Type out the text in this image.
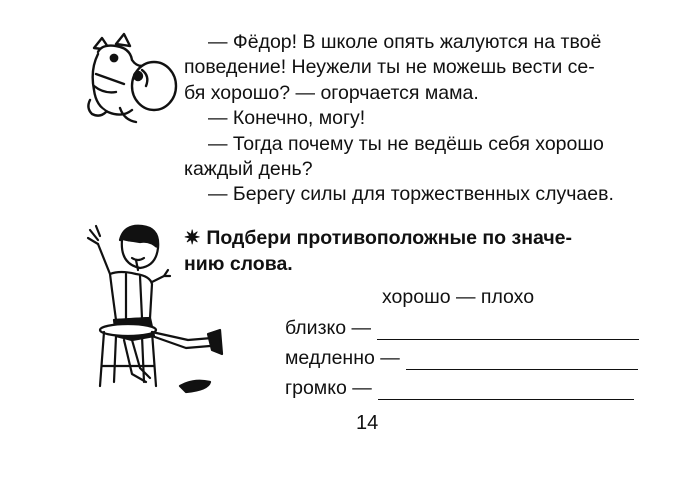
— Фёдор! В школе опять жалуются на твоё

поведение! Неужели ты не можешь вести се-

бя хорошо? — огорчается мама.

— Конечно, могу!

— Тогда почему ты не ведёшь себя хорошо

каждый день?

— Берегу силы для торжественных случаев.

✷ Подбери противоположные по значе-
нию слова.
хорошо — плохо
близко —
медленно —
громко —
14
